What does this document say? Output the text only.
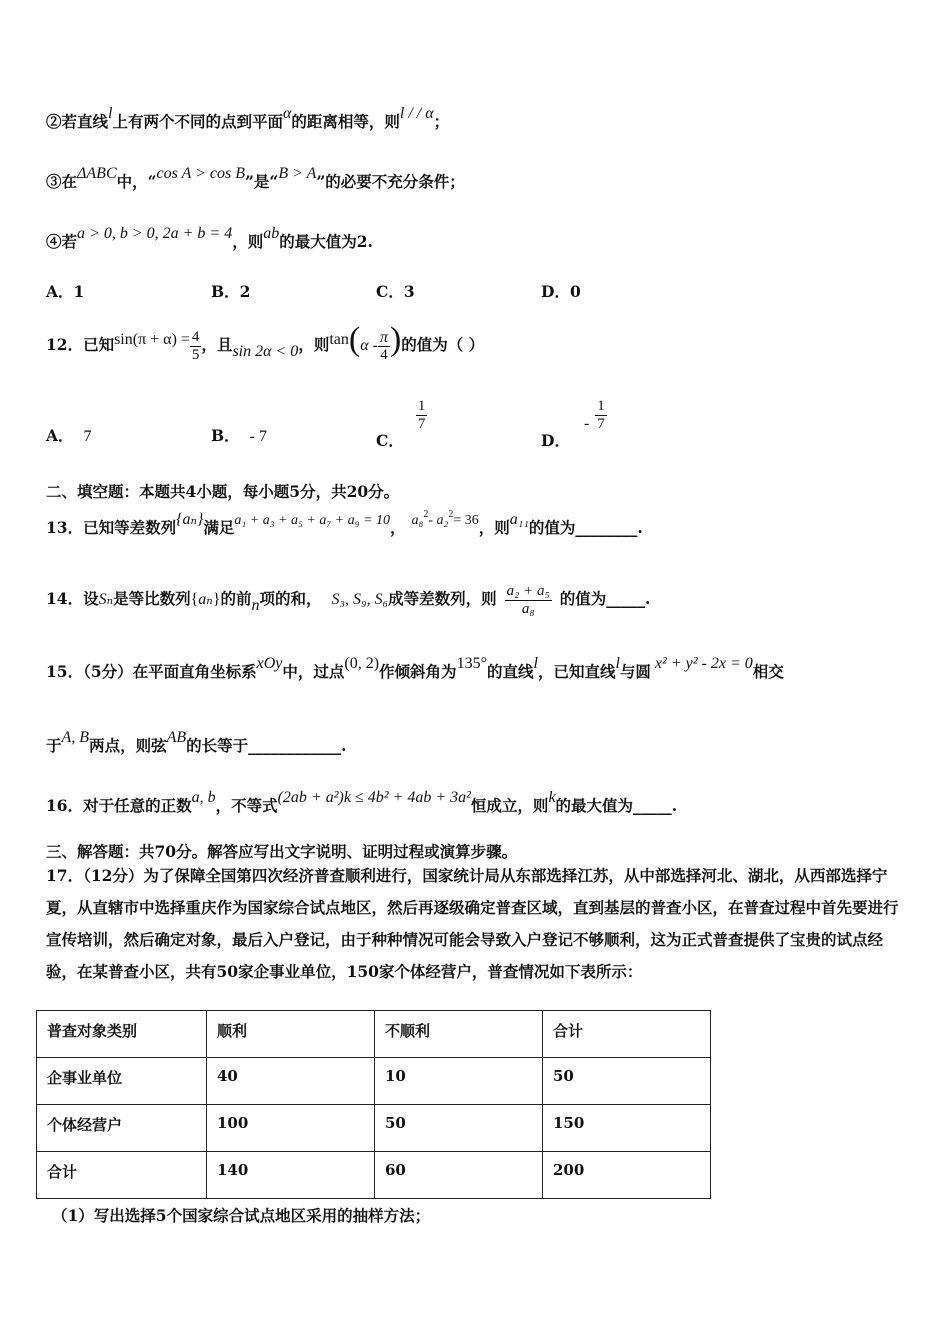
②若直线l上有两个不同的点到平面α的距离相等，则l / / α；
③在ΔABC中，“cos A > cos B”是“B > A”的必要不充分条件；
④若a > 0, b > 0, 2a + b = 4，则ab的最大值为2.
A．1	B．2	C．3	D．0
12．已知$\sin(\pi + \alpha) = \frac{4}{5}$ ，且sin 2α < 0，则$\tan(\alpha - \frac{\pi}{4}$ )的值为（ ）
A． 7	B． - 7	C．
$\frac{1}{7}$
D．- $\frac{1}{7}$
二、填空题：本题共4小题，每小题5分，共20分。
13．已知等差数列{aₙ}满足a₁ + a₃ + a₅ + a₇ + a₉ = 10， a₈$^2$- a₂$^2$= 36，则a₁₁的值为________.
14．设Sₙ是等比数列{aₙ}的前n项的和， S₃, S₉, S₆成等差数列，则 $\frac{\text{a₂ + a₅}}{\text{a₈}}$ 的值为_____.
15．（5分）在平面直角坐标系xOy中，过点(0, 2)作倾斜角为135°的直线l，已知直线l与圆 x² + y² - 2x = 0相交
于A, B两点，则弦AB的长等于____________.
16．对于任意的正数a, b，不等式(2ab + a²)k ≤ 4b² + 4ab + 3a²恒成立，则k的最大值为_____.
三、解答题：共70分。解答应写出文字说明、证明过程或演算步骤。
17．（12分）为了保障全国第四次经济普查顺利进行，国家统计局从东部选择江苏，从中部选择河北、湖北，从西部选择宁夏，从直辖市中选择重庆作为国家综合试点地区，然后再逐级确定普查区域，直到基层的普查小区，在普查过程中首先要进行宣传培训，然后确定对象，最后入户登记，由于种种情况可能会导致入户登记不够顺利，这为正式普查提供了宝贵的试点经验，在某普查小区，共有50家企事业单位，150家个体经营户，普查情况如下表所示：
普查对象类别	顺利	不顺利	合计
企事业单位	40	10	50
个体经营户	100	50	150
合计	140	60	200
（1）写出选择5个国家综合试点地区采用的抽样方法；
